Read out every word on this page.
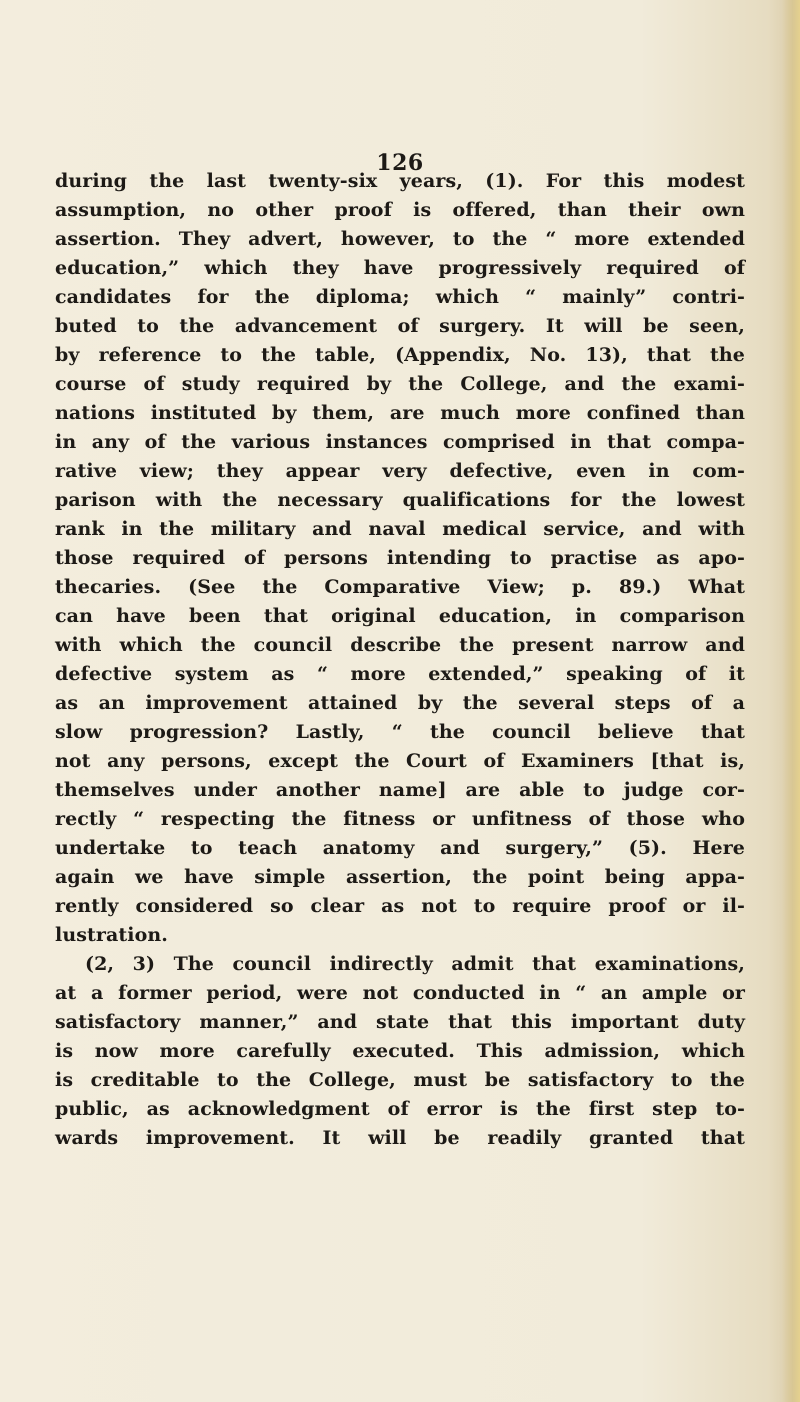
126
during the last twenty-six years, (1). For this modest
assumption, no other proof is offered, than their own
assertion. They advert, however, to the “ more extended
education,” which they have progressively required of
candidates for the diploma; which “ mainly” contri-
buted to the advancement of surgery. It will be seen,
by reference to the table, (Appendix, No. 13), that the
course of study required by the College, and the exami-
nations instituted by them, are much more confined than
in any of the various instances comprised in that compa-
rative view; they appear very defective, even in com-
parison with the necessary qualifications for the lowest
rank in the military and naval medical service, and with
those required of persons intending to practise as apo-
thecaries. (See the Comparative View; p. 89.) What
can have been that original education, in comparison
with which the council describe the present narrow and
defective system as “ more extended,” speaking of it
as an improvement attained by the several steps of a
slow progression? Lastly, “ the council believe that
not any persons, except the Court of Examiners [that is,
themselves under another name] are able to judge cor-
rectly “ respecting the fitness or unfitness of those who
undertake to teach anatomy and surgery,” (5). Here
again we have simple assertion, the point being appa-
rently considered so clear as not to require proof or il-
lustration.
(2, 3) The council indirectly admit that examinations,
at a former period, were not conducted in “ an ample or
satisfactory manner,” and state that this important duty
is now more carefully executed. This admission, which
is creditable to the College, must be satisfactory to the
public, as acknowledgment of error is the first step to-
wards improvement. It will be readily granted that
